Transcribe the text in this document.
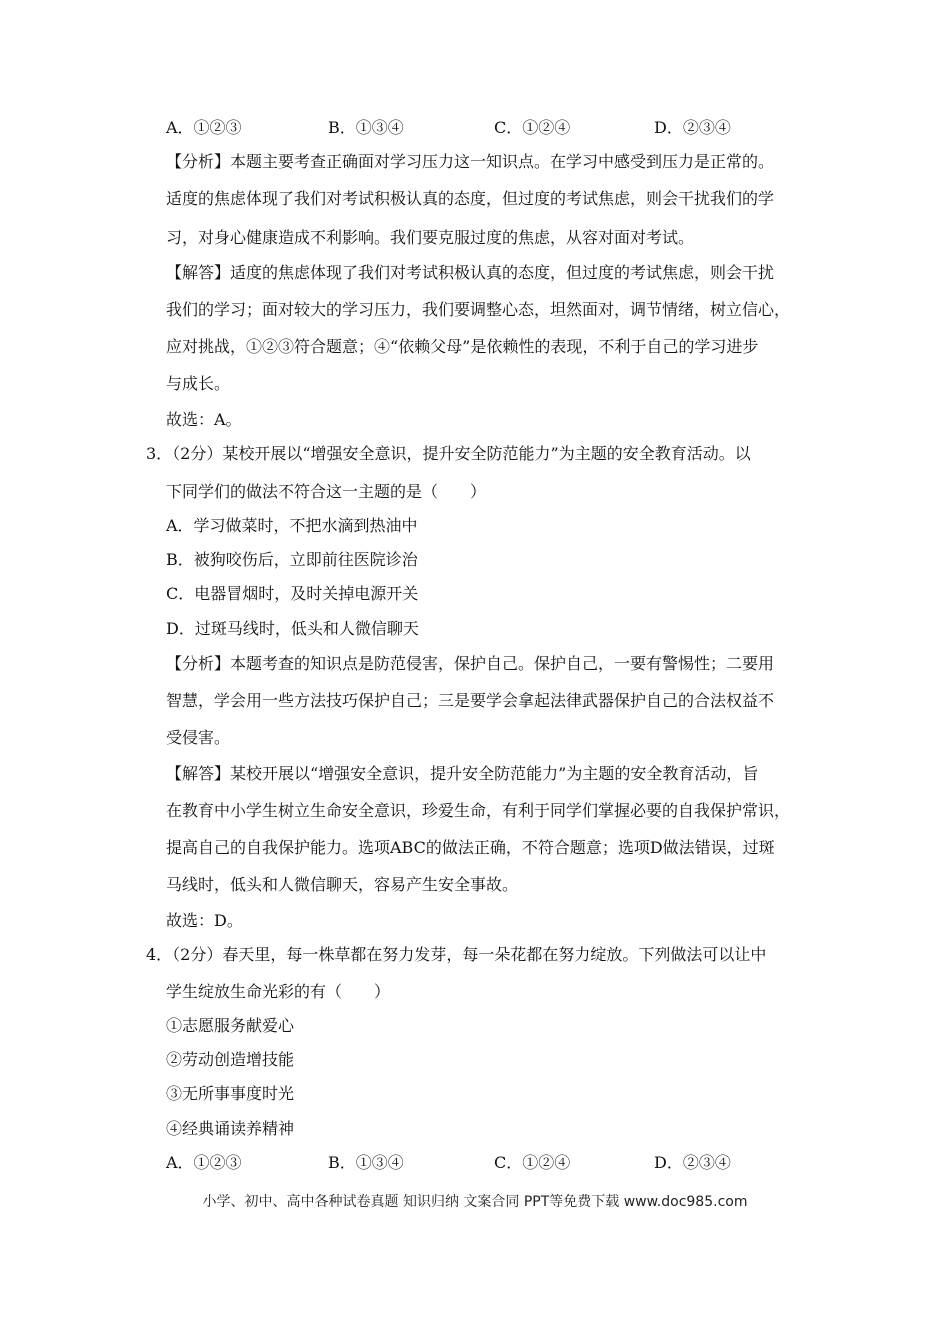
A．①②③	B．①③④	C．①②④	D．②③④
【分析】本题主要考查正确面对学习压力这一知识点。在学习中感受到压力是正常的。
适度的焦虑体现了我们对考试积极认真的态度，但过度的考试焦虑，则会干扰我们的学
习，对身心健康造成不利影响。我们要克服过度的焦虑，从容对面对考试。
【解答】适度的焦虑体现了我们对考试积极认真的态度，但过度的考试焦虑，则会干扰
我们的学习；面对较大的学习压力，我们要调整心态，坦然面对，调节情绪，树立信心，
应对挑战，①②③符合题意；④“依赖父母”是依赖性的表现，不利于自己的学习进步
与成长。
故选：A。
3．（2分）某校开展以“增强安全意识，提升安全防范能力”为主题的安全教育活动。以
下同学们的做法不符合这一主题的是（　　）
A．学习做菜时，不把水滴到热油中
B．被狗咬伤后，立即前往医院诊治
C．电器冒烟时，及时关掉电源开关
D．过斑马线时，低头和人微信聊天
【分析】本题考查的知识点是防范侵害，保护自己。保护自己，一要有警惕性；二要用
智慧，学会用一些方法技巧保护自己；三是要学会拿起法律武器保护自己的合法权益不
受侵害。
【解答】某校开展以“增强安全意识，提升安全防范能力”为主题的安全教育活动，旨
在教育中小学生树立生命安全意识，珍爱生命，有利于同学们掌握必要的自我保护常识，
提高自己的自我保护能力。选项ABC的做法正确，不符合题意；选项D做法错误，过斑
马线时，低头和人微信聊天，容易产生安全事故。
故选：D。
4．（2分）春天里，每一株草都在努力发芽，每一朵花都在努力绽放。下列做法可以让中
学生绽放生命光彩的有（　　）
①志愿服务献爱心
②劳动创造增技能
③无所事事度时光
④经典诵读养精神
A．①②③	B．①③④	C．①②④	D．②③④
小学、初中、高中各种试卷真题 知识归纳 文案合同 PPT等免费下载 www.doc985.com
